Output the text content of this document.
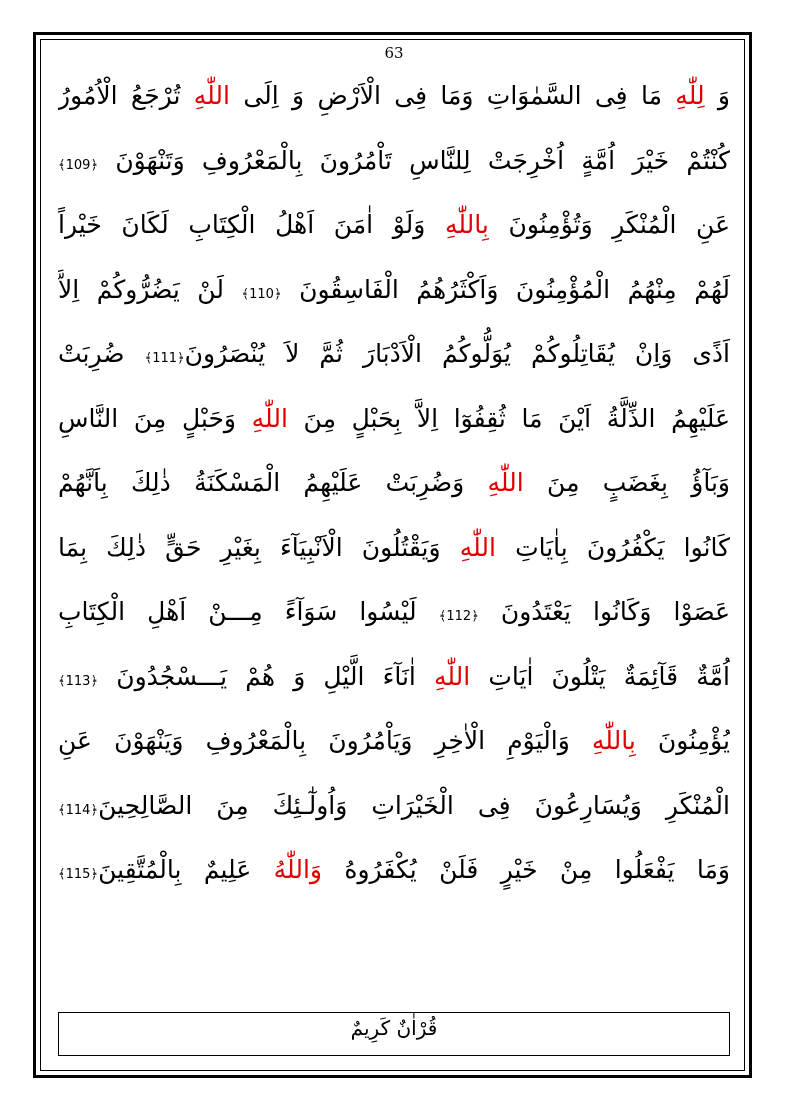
63
وَ لِلّٰهِ مَا فِى السَّمٰوَاتِ وَمَا فِى الْاَرْضِ وَ اِلَى اللّٰهِ تُرْجَعُ الْاُمُورُ
كُنْتُمْ خَيْرَ اُمَّةٍ اُخْرِجَتْ لِلنَّاسِ تَاْمُرُونَ بِالْمَعْرُوفِ وَتَنْهَوْنَ ﴿109﴾
عَنِ الْمُنْكَرِ وَتُؤْمِنُونَ بِاللّٰهِ وَلَوْ اٰمَنَ اَهْلُ الْكِتَابِ لَكَانَ خَيْراً
لَهُمْ مِنْهُمُ الْمُؤْمِنُونَ وَاَكْثَرُهُمُ الْفَاسِقُونَ ﴿110﴾ لَنْ يَضُرُّوكُمْ اِلاَّ
اَذًى وَاِنْ يُقَاتِلُوكُمْ يُوَلُّوكُمُ الْاَدْبَارَ ثُمَّ لاَ يُنْصَرُونَ﴿111﴾ ضُرِبَتْ
عَلَيْهِمُ الذِّلَّةُ اَيْنَ مَا ثُقِفُوٓا اِلاَّ بِحَبْلٍ مِنَ اللّٰهِ وَحَبْلٍ مِنَ النَّاسِ
وَبَآؤُ بِغَضَبٍ مِنَ اللّٰهِ وَضُرِبَتْ عَلَيْهِمُ الْمَسْكَنَةُ ذٰلِكَ بِاَنَّهُمْ
كَانُوا يَكْفُرُونَ بِاٰيَاتِ اللّٰهِ وَيَقْتُلُونَ الْاَنْبِيَآءَ بِغَيْرِ حَقٍّ ذٰلِكَ بِمَا
عَصَوْا وَكَانُوا يَعْتَدُونَ ﴿112﴾ لَيْسُوا سَوَآءً مِـــنْ اَهْلِ الْكِتَابِ
اُمَّةٌ قَآئِمَةٌ يَتْلُونَ اٰيَاتِ اللّٰهِ اٰنَآءَ الَّيْلِ وَ هُمْ يَـــسْجُدُونَ ﴿113﴾
يُؤْمِنُونَ بِاللّٰهِ وَالْيَوْمِ الْاٰخِرِ وَيَاْمُرُونَ بِالْمَعْرُوفِ وَيَنْهَوْنَ عَنِ
الْمُنْكَرِ وَيُسَارِعُونَ فِى الْخَيْرَاتِ وَاُولٰٓـئِكَ مِنَ الصَّالِحِينَ﴿114﴾
وَمَا يَفْعَلُوا مِنْ خَيْرٍ فَلَنْ يُكْفَرُوهُ وَاللّٰهُ عَلِيمٌ بِالْمُتَّقِينَ﴿115﴾
قُرْاٰنٌ كَرِيمٌ
